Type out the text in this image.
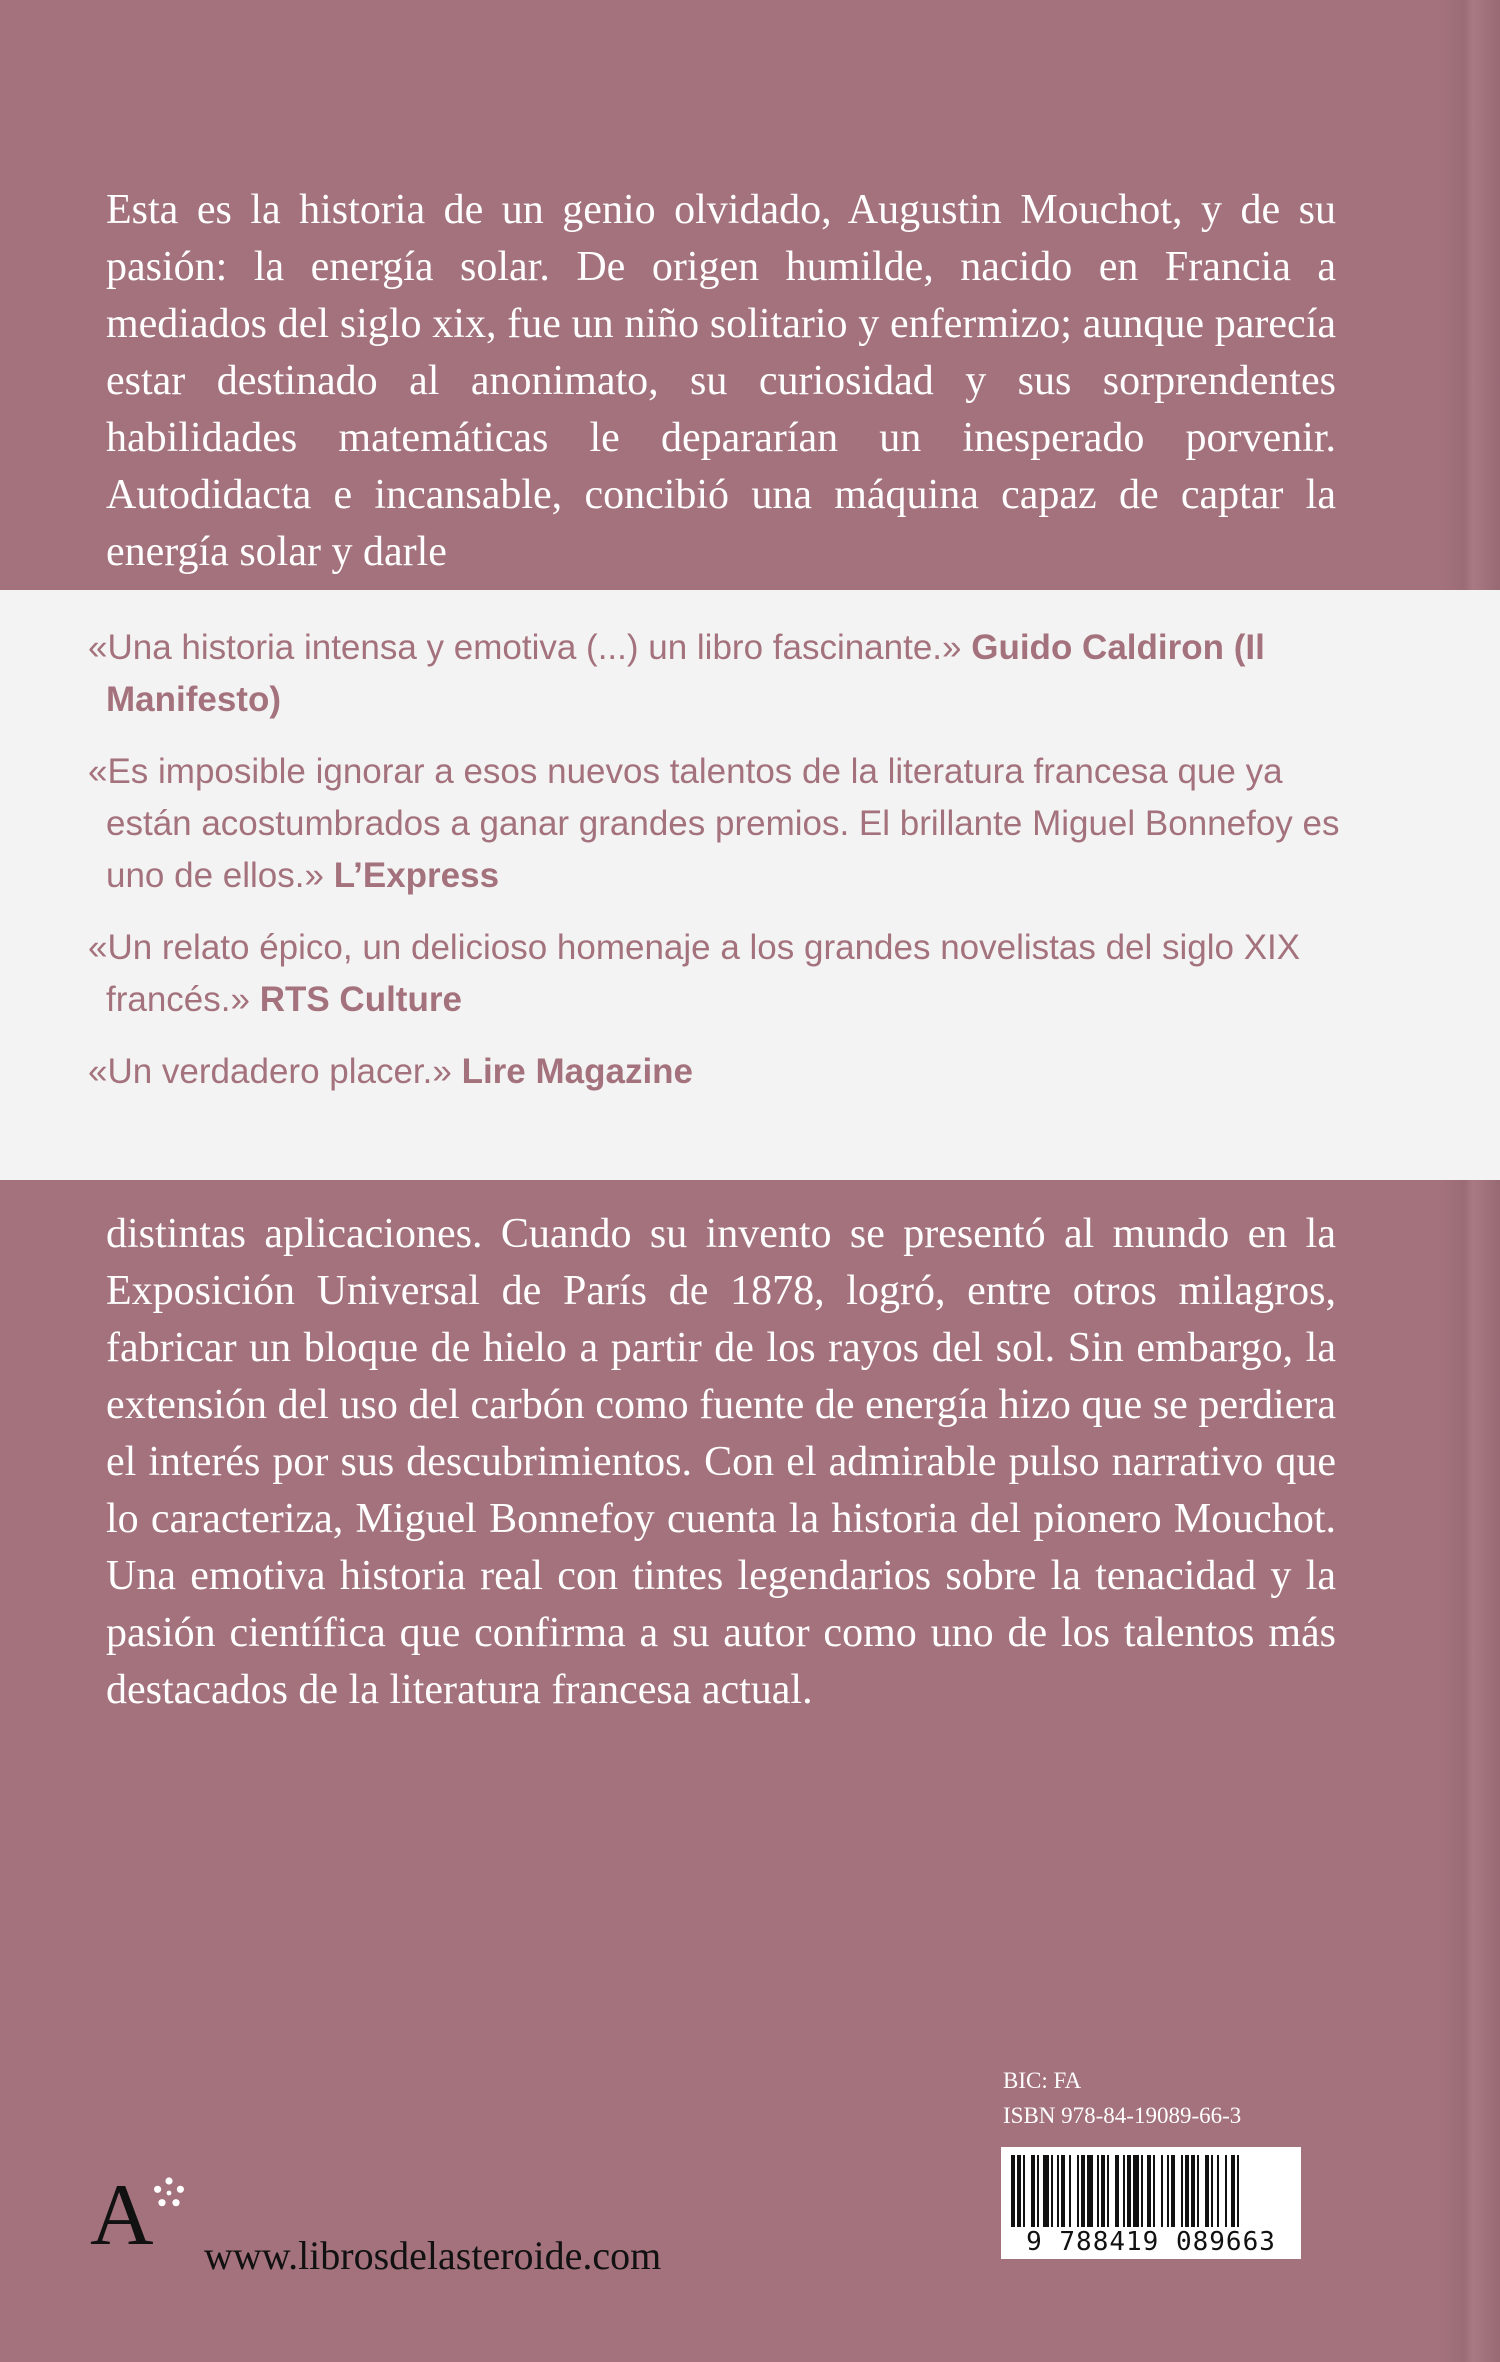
Esta es la historia de un genio olvidado, Augustin Mouchot, y de su pasión: la energía solar. De origen humilde, nacido en Francia a mediados del siglo xix, fue un niño solitario y enfermizo; aunque parecía estar destinado al anonimato, su curiosidad y sus sorprendentes habilidades matemáticas le depararían un inesperado porvenir. Autodidacta e incansable, concibió una máquina capaz de captar la energía solar y darle

«Una historia intensa y emotiva (...) un libro fascinante.» Guido Caldiron (Il Manifesto)

«Es imposible ignorar a esos nuevos talentos de la literatura francesa que ya están acostumbrados a ganar grandes premios. El brillante Miguel Bonnefoy es uno de ellos.» L’Express

«Un relato épico, un delicioso homenaje a los grandes novelistas del siglo XIX francés.» RTS Culture

«Un verdadero placer.» Lire Magazine

distintas aplicaciones. Cuando su invento se presentó al mundo en la Exposición Universal de París de 1878, logró, entre otros milagros, fabricar un bloque de hielo a partir de los rayos del sol. Sin embargo, la extensión del uso del carbón como fuente de energía hizo que se perdiera el interés por sus descubrimientos. Con el admirable pulso narrativo que lo caracteriza, Miguel Bonnefoy cuenta la historia del pionero Mouchot. Una emotiva historia real con tintes legendarios sobre la tenacidad y la pasión científica que confirma a su autor como uno de los talentos más destacados de la literatura francesa actual.

BIC: FA
ISBN 978-84-19089-66-3
9 788419 089663
A www.librosdelasteroide.com
